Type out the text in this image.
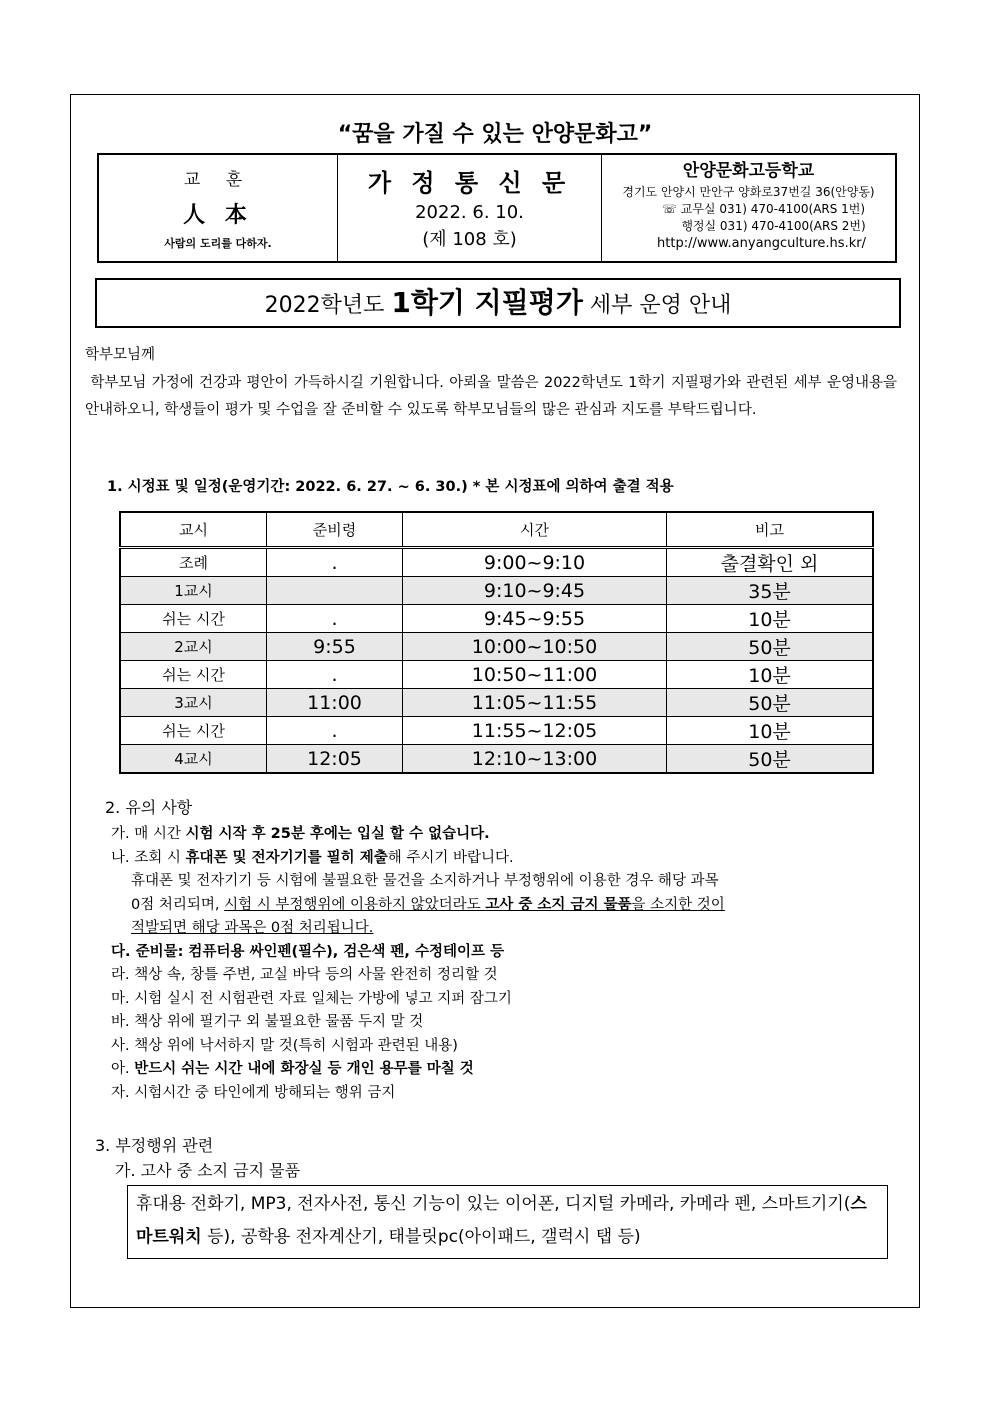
“꿈을 가질 수 있는 안양문화고”
교 훈
人 本
사람의 도리를 다하자.
가 정 통 신 문
2022. 6. 10.
(제 108 호)
안양문화고등학교
경기도 안양시 만안구 양화로37번길 36(안양동)
☏ 교무실 031) 470-4100(ARS 1번)
행정실 031) 470-4100(ARS 2번)
http://www.anyangculture.hs.kr/
2022학년도 1학기 지필평가 세부 운영 안내
학부모님께
학부모님 가정에 건강과 평안이 가득하시길 기원합니다. 아뢰올 말씀은 2022학년도 1학기 지필평가와 관련된 세부 운영내용을 안내하오니, 학생들이 평가 및 수업을 잘 준비할 수 있도록 학부모님들의 많은 관심과 지도를 부탁드립니다.
1. 시정표 및 일정(운영기간: 2022. 6. 27. ~ 6. 30.) * 본 시정표에 의하여 출결 적용
교시	준비령	시간	비고
조례	.	9:00~9:10	출결확인 외
1교시		9:10~9:45	35분
쉬는 시간	.	9:45~9:55	10분
2교시	9:55	10:00~10:50	50분
쉬는 시간	.	10:50~11:00	10분
3교시	11:00	11:05~11:55	50분
쉬는 시간	.	11:55~12:05	10분
4교시	12:05	12:10~13:00	50분
2. 유의 사항
가. 매 시간 시험 시작 후 25분 후에는 입실 할 수 없습니다.
나. 조회 시 휴대폰 및 전자기기를 필히 제출해 주시기 바랍니다.
휴대폰 및 전자기기 등 시험에 불필요한 물건을 소지하거나 부정행위에 이용한 경우 해당 과목
0점 처리되며, 시험 시 부정행위에 이용하지 않았더라도 고사 중 소지 금지 물품을 소지한 것이
적발되면 해당 과목은 0점 처리됩니다.
다. 준비물: 컴퓨터용 싸인펜(필수), 검은색 펜, 수정테이프 등
라. 책상 속, 창틀 주변, 교실 바닥 등의 사물 완전히 정리할 것
마. 시험 실시 전 시험관련 자료 일체는 가방에 넣고 지퍼 잠그기
바. 책상 위에 필기구 외 불필요한 물품 두지 말 것
사. 책상 위에 낙서하지 말 것(특히 시험과 관련된 내용)
아. 반드시 쉬는 시간 내에 화장실 등 개인 용무를 마칠 것
자. 시험시간 중 타인에게 방해되는 행위 금지
3. 부정행위 관련
가. 고사 중 소지 금지 물품
휴대용 전화기, MP3, 전자사전, 통신 기능이 있는 이어폰, 디지털 카메라, 카메라 펜, 스마트기기(스마트워치 등), 공학용 전자계산기, 태블릿pc(아이패드, 갤럭시 탭 등)
